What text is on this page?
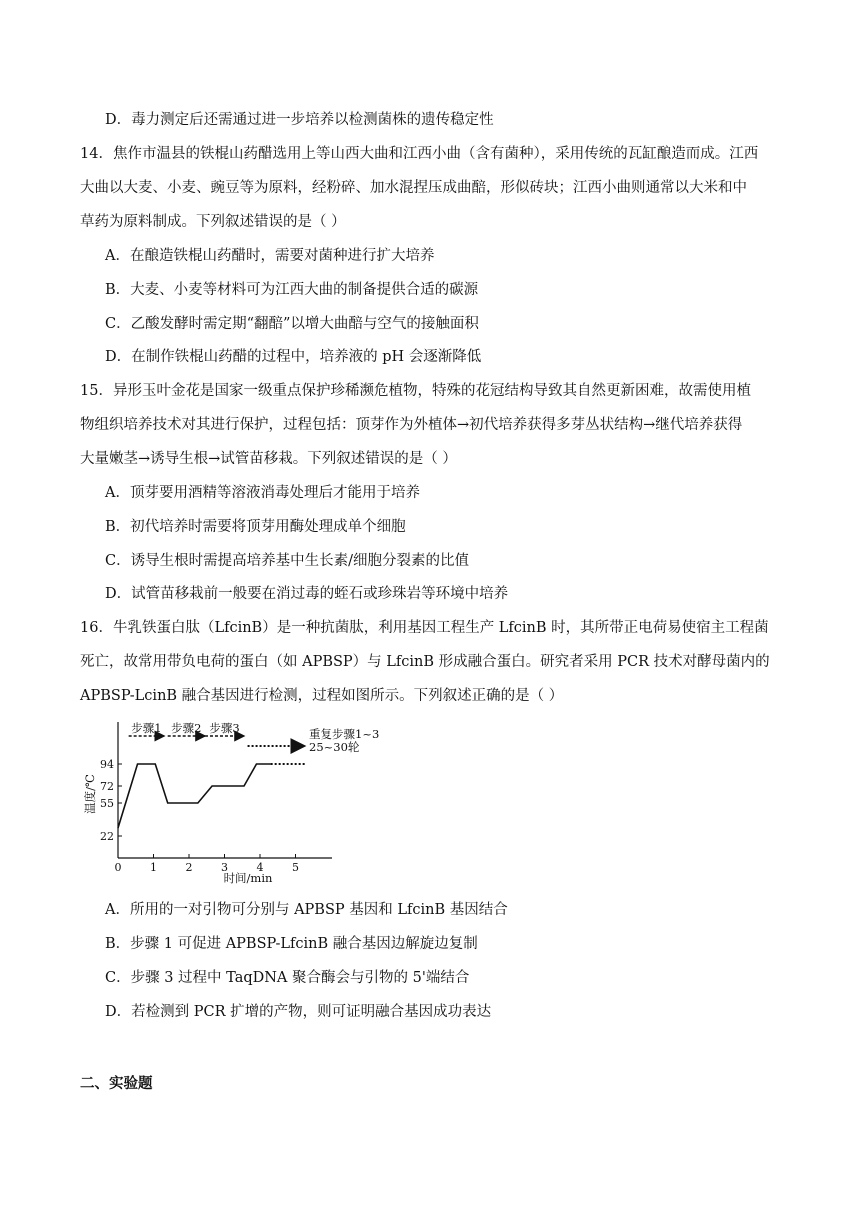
D．毒力测定后还需通过进一步培养以检测菌株的遗传稳定性
14．焦作市温县的铁棍山药醋选用上等山西大曲和江西小曲（含有菌种），采用传统的瓦缸酿造而成。江西
大曲以大麦、小麦、豌豆等为原料，经粉碎、加水混捏压成曲醅，形似砖块；江西小曲则通常以大米和中
草药为原料制成。下列叙述错误的是（ ）
A．在酿造铁棍山药醋时，需要对菌种进行扩大培养
B．大麦、小麦等材料可为江西大曲的制备提供合适的碳源
C．乙酸发酵时需定期“翻醅”以增大曲醅与空气的接触面积
D．在制作铁棍山药醋的过程中，培养液的 pH 会逐渐降低
15．异形玉叶金花是国家一级重点保护珍稀濒危植物，特殊的花冠结构导致其自然更新困难，故需使用植
物组织培养技术对其进行保护，过程包括：顶芽作为外植体→初代培养获得多芽丛状结构→继代培养获得
大量嫩茎→诱导生根→试管苗移栽。下列叙述错误的是（ ）
A．顶芽要用酒精等溶液消毒处理后才能用于培养
B．初代培养时需要将顶芽用酶处理成单个细胞
C．诱导生根时需提高培养基中生长素/细胞分裂素的比值
D．试管苗移栽前一般要在消过毒的蛭石或珍珠岩等环境中培养
16．牛乳铁蛋白肽（LfcinB）是一种抗菌肽，利用基因工程生产 LfcinB 时，其所带正电荷易使宿主工程菌
死亡，故常用带负电荷的蛋白（如 APBSP）与 LfcinB 形成融合蛋白。研究者采用 PCR 技术对酵母菌内的
APBSP-LcinB 融合基因进行检测，过程如图所示。下列叙述正确的是（ ）
0	1	2	3	4	5
22
55
72
94
步骤1 步骤2 步骤3
时间/min
温度/℃
重复步骤1~3
25~30轮
A．所用的一对引物可分别与 APBSP 基因和 LfcinB 基因结合
B．步骤 1 可促进 APBSP-LfcinB 融合基因边解旋边复制
C．步骤 3 过程中 TaqDNA 聚合酶会与引物的 5'端结合
D．若检测到 PCR 扩增的产物，则可证明融合基因成功表达
二、实验题
